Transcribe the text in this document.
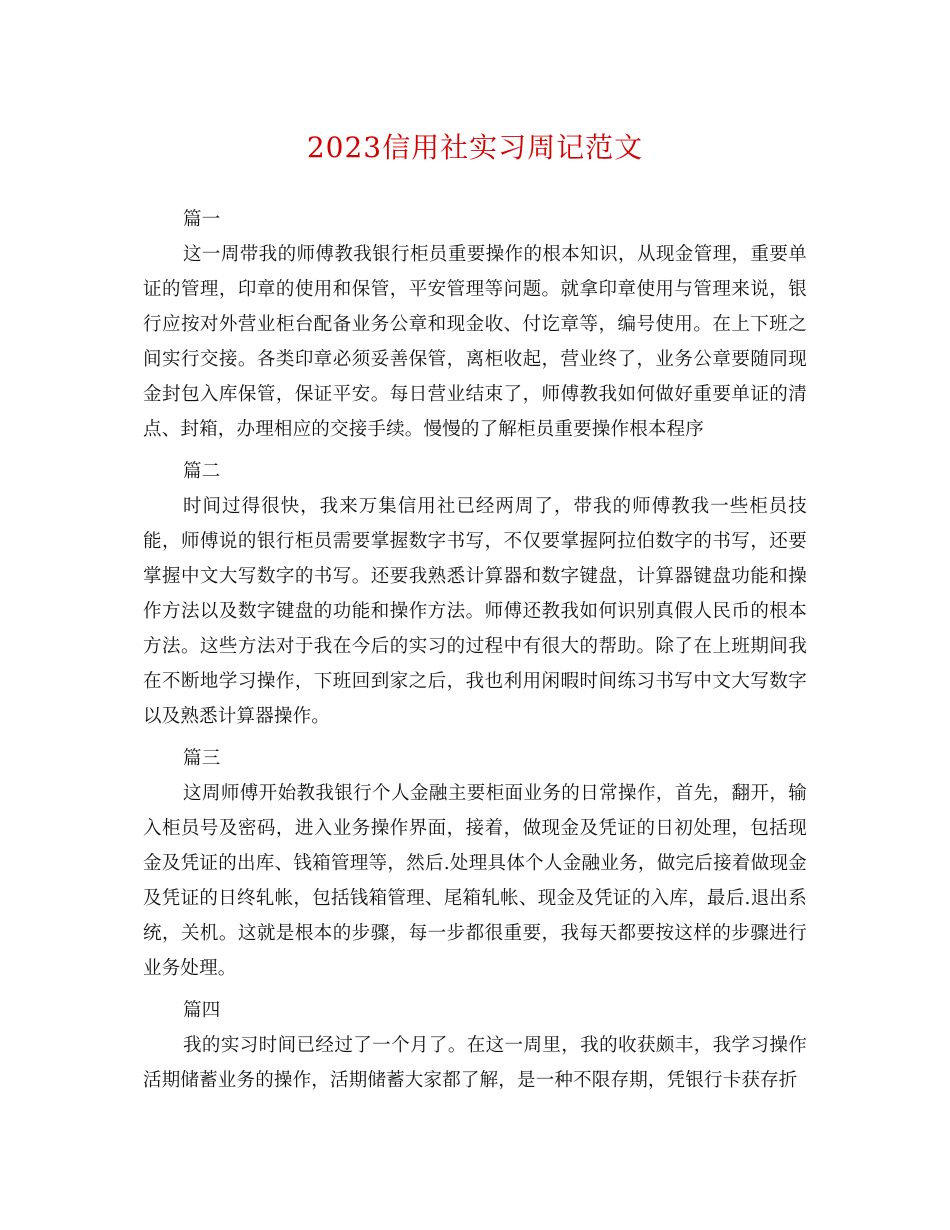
2023信用社实习周记范文

篇一

这一周带我的师傅教我银行柜员重要操作的根本知识，从现金管理，重要单证的管理，印章的使用和保管，平安管理等问题。就拿印章使用与管理来说，银行应按对外营业柜台配备业务公章和现金收、付讫章等，编号使用。在上下班之间实行交接。各类印章必须妥善保管，离柜收起，营业终了，业务公章要随同现金封包入库保管，保证平安。每日营业结束了，师傅教我如何做好重要单证的清点、封箱，办理相应的交接手续。慢慢的了解柜员重要操作根本程序

篇二

时间过得很快，我来万集信用社已经两周了，带我的师傅教我一些柜员技能，师傅说的银行柜员需要掌握数字书写，不仅要掌握阿拉伯数字的书写，还要掌握中文大写数字的书写。还要我熟悉计算器和数字键盘，计算器键盘功能和操作方法以及数字键盘的功能和操作方法。师傅还教我如何识别真假人民币的根本方法。这些方法对于我在今后的实习的过程中有很大的帮助。除了在上班期间我在不断地学习操作，下班回到家之后，我也利用闲暇时间练习书写中文大写数字以及熟悉计算器操作。

篇三

这周师傅开始教我银行个人金融主要柜面业务的日常操作，首先，翻开，输入柜员号及密码，进入业务操作界面，接着，做现金及凭证的日初处理，包括现金及凭证的出库、钱箱管理等，然后.处理具体个人金融业务，做完后接着做现金及凭证的日终轧帐，包括钱箱管理、尾箱轧帐、现金及凭证的入库，最后.退出系统，关机。这就是根本的步骤，每一步都很重要，我每天都要按这样的步骤进行业务处理。

篇四

我的实习时间已经过了一个月了。在这一周里，我的收获颇丰，我学习操作活期储蓄业务的操作，活期储蓄大家都了解，是一种不限存期，凭银行卡获存折
